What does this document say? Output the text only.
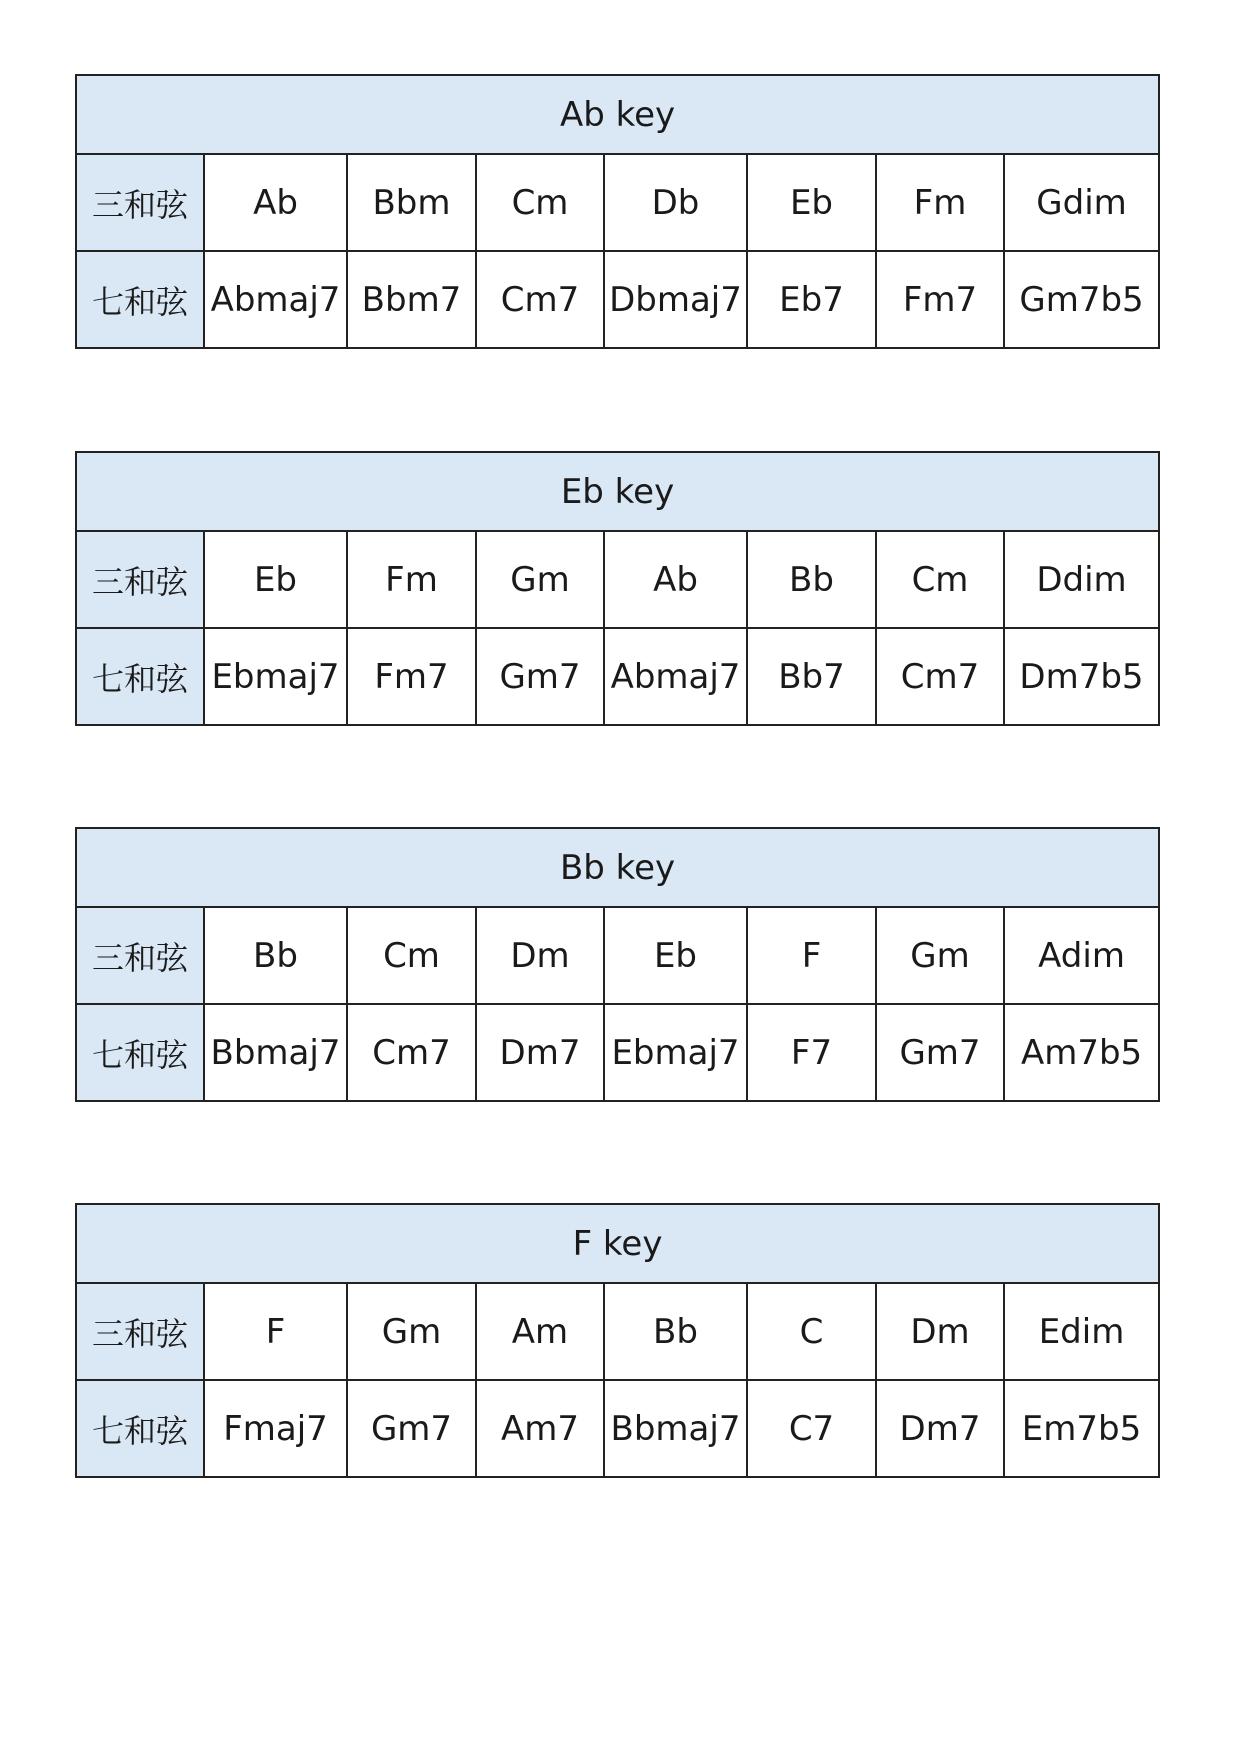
Ab key							
三和弦	Ab	Bbm	Cm	Db	Eb	Fm	Gdim
七和弦	Abmaj7	Bbm7	Cm7	Dbmaj7	Eb7	Fm7	Gm7b5
Eb key							
三和弦	Eb	Fm	Gm	Ab	Bb	Cm	Ddim
七和弦	Ebmaj7	Fm7	Gm7	Abmaj7	Bb7	Cm7	Dm7b5
Bb key							
三和弦	Bb	Cm	Dm	Eb	F	Gm	Adim
七和弦	Bbmaj7	Cm7	Dm7	Ebmaj7	F7	Gm7	Am7b5
F key							
三和弦	F	Gm	Am	Bb	C	Dm	Edim
七和弦	Fmaj7	Gm7	Am7	Bbmaj7	C7	Dm7	Em7b5
